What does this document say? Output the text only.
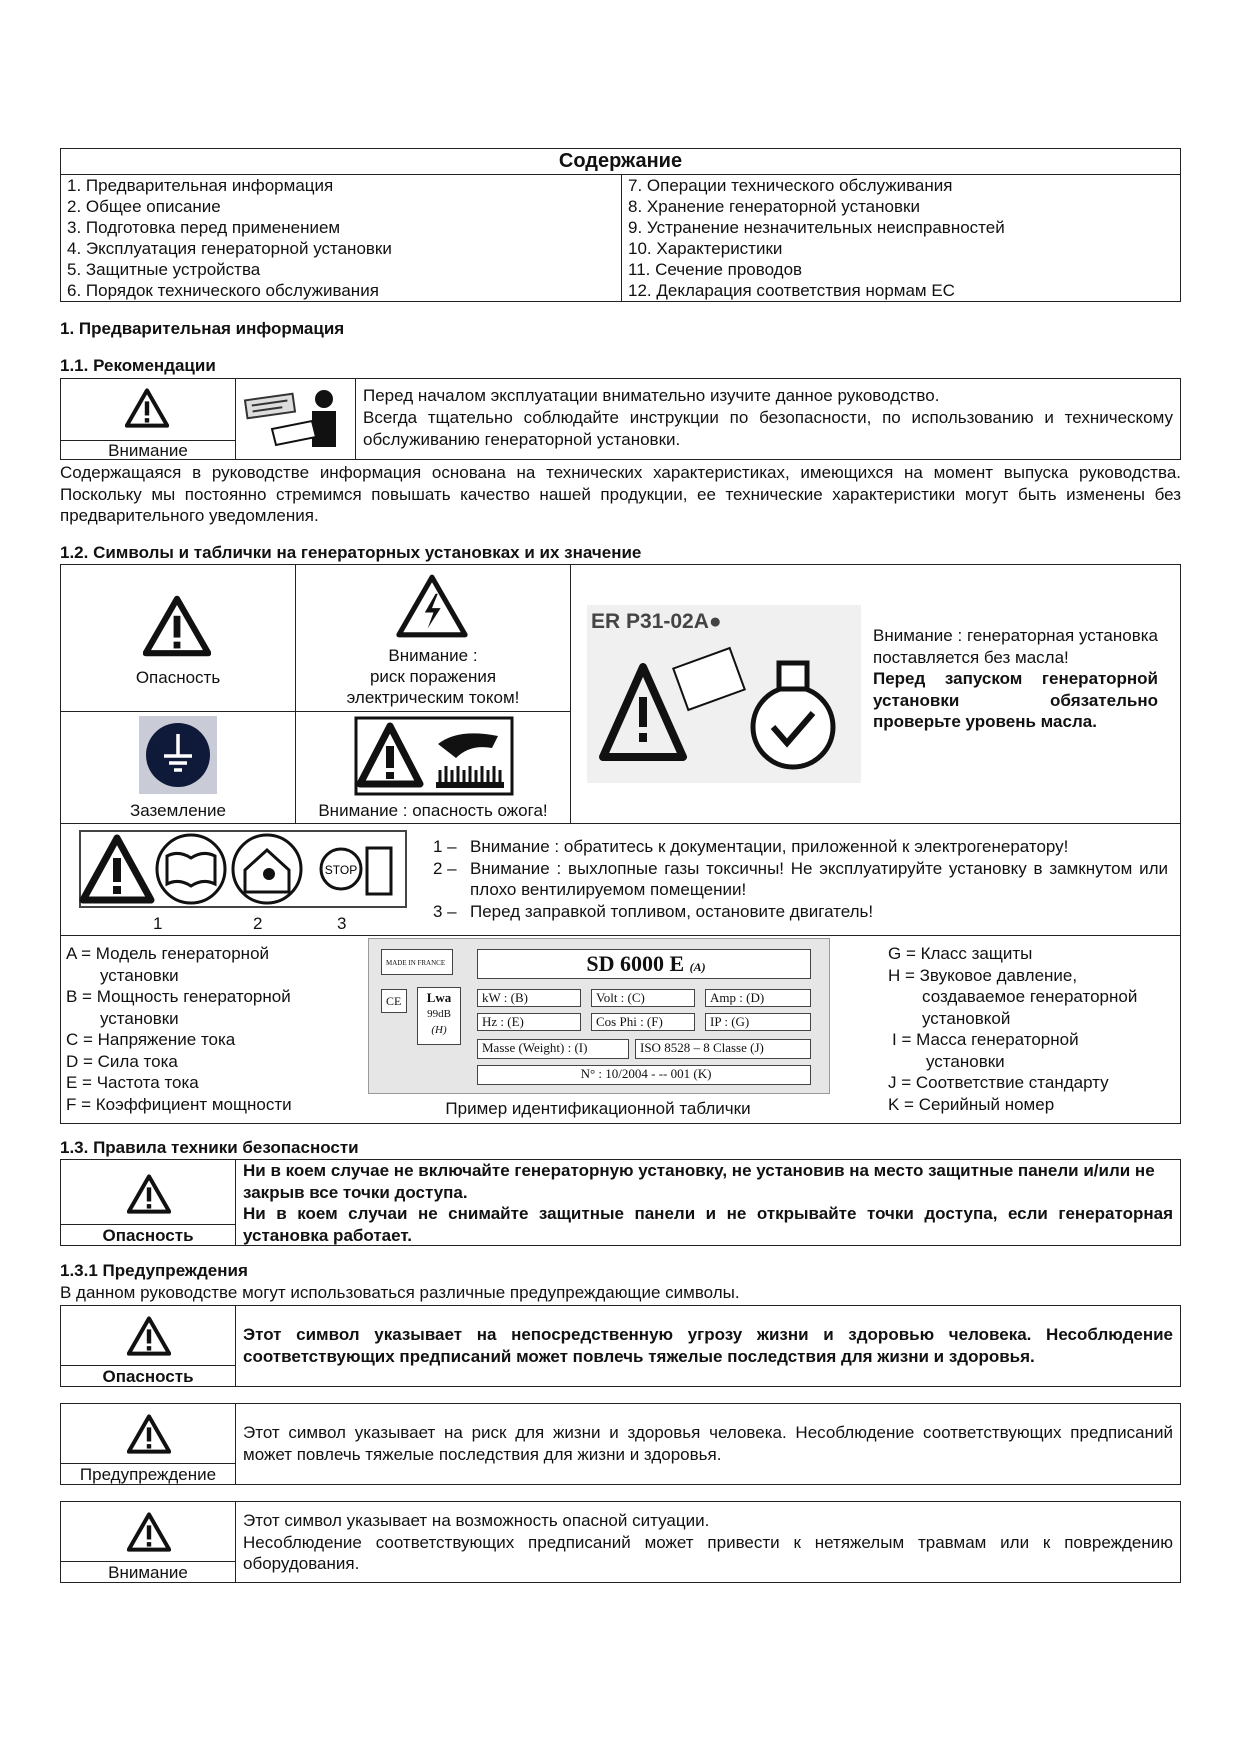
Содержание

1. Предварительная информация
2. Общее описание
3. Подготовка перед применением
4. Эксплуатация генераторной установки
5. Защитные устройства
6. Порядок технического обслуживания

7. Операции технического обслуживания
8. Хранение генераторной установки
9. Устранение незначительных неисправностей
10. Характеристики
11. Сечение проводов
12. Декларация соответствия нормам ЕС
1. Предварительная информация
1.1. Рекомендации
Внимание
Перед началом эксплуатации внимательно изучите данное руководство.
Всегда тщательно соблюдайте инструкции по безопасности, по использованию и техническому обслуживанию генераторной установки.
Содержащаяся в руководстве информация основана на технических характеристиках, имеющихся на момент выпуска руководства. Поскольку мы постоянно стремимся повышать качество нашей продукции, ее технические характеристики могут быть изменены без предварительного уведомления.
1.2. Символы и таблички на генераторных установках и их значение
Опасность
Внимание :
риск поражения
электрическим током!
ER P31-02A●
Внимание : генераторная установка поставляется без масла!
Перед запуском генераторной установки обязательно проверьте уровень масла.
Заземление	Внимание : опасность ожога!
STOP
1	2	3
1 – Внимание : обратитесь к документации, приложенной к электрогенератору!
2 – Внимание : выхлопные газы токсичны! Не эксплуатируйте установку в замкнутом или плохо вентилируемом помещении!
3 – Перед заправкой топливом, остановите двигатель!
A = Модель генераторной
установки
B = Мощность генераторной
установки
C = Напряжение тока
D = Сила тока
E = Частота тока
F = Коэффициент мощности
MADE IN FRANCE	SD 6000 E (A)
CE	Lwa
99dB
(H)
kW : (B)	Volt : (C)	Amp : (D)
Hz : (E)	Cos Phi : (F)	IP : (G)
Masse (Weight) : (I)	ISO 8528 – 8 Classe (J)
N° : 10/2004 - -- 001 (K)
Пример идентификационной таблички
G = Класс защиты
H = Звуковое давление,
создаваемое генераторной
установкой
I = Масса генераторной
установки
J = Соответствие стандарту
K = Серийный номер
1.3. Правила техники безопасности
Опасность
Ни в коем случае не включайте генераторную установку, не установив на место защитные панели и/или не закрыв все точки доступа.
Ни в коем случаи не снимайте защитные панели и не открывайте точки доступа, если генераторная установка работает.
1.3.1 Предупреждения
В данном руководстве могут использоваться различные предупреждающие символы.
Опасность
Этот символ указывает на непосредственную угрозу жизни и здоровью человека. Несоблюдение соответствующих предписаний может повлечь тяжелые последствия для жизни и здоровья.
Предупреждение
Этот символ указывает на риск для жизни и здоровья человека. Несоблюдение соответствующих предписаний может повлечь тяжелые последствия для жизни и здоровья.
Внимание
Этот символ указывает на возможность опасной ситуации.
Несоблюдение соответствующих предписаний может привести к нетяжелым травмам или к повреждению оборудования.
